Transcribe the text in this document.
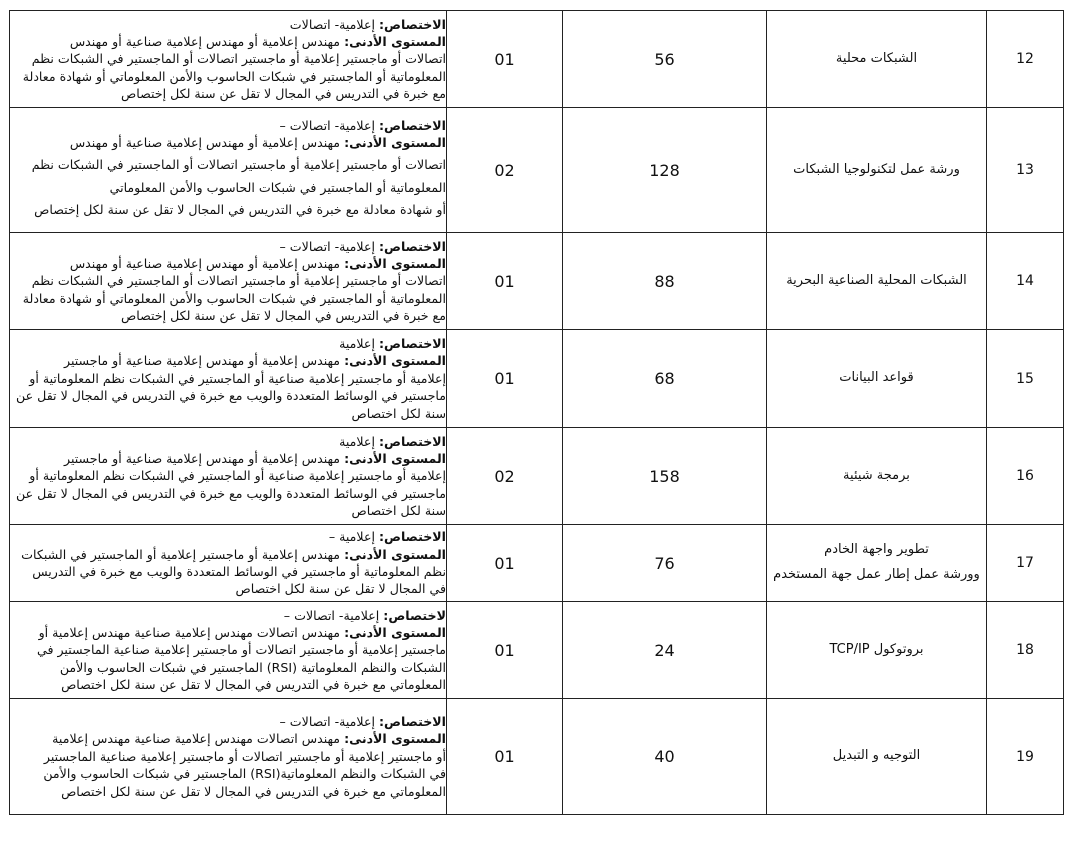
12	الشبكات محلية	56	01	الاختصاص: إعلامية- اتصالات
المستوى الأدنى: مهندس إعلامية أو مهندس إعلامية صناعية أو مهندس
اتصالات أو ماجستير إعلامية أو ماجستير اتصالات أو الماجستير في الشبكات نظم
المعلوماتية أو الماجستير في شبكات الحاسوب والأمن المعلوماتي أو شهادة معادلة
مع خبرة في التدريس في المجال لا تقل عن سنة لكل إختصاص

13	ورشة عمل لتكنولوجيا الشبكات	128	02	الاختصاص: إعلامية- اتصالات –
المستوى الأدنى: مهندس إعلامية أو مهندس إعلامية صناعية أو مهندس
اتصالات أو ماجستير إعلامية أو ماجستير اتصالات أو الماجستير في الشبكات نظم
المعلوماتية أو الماجستير في شبكات الحاسوب والأمن المعلوماتي
أو شهادة معادلة مع خبرة في التدريس في المجال لا تقل عن سنة لكل إختصاص

14	الشبكات المحلية الصناعية البحرية	88	01	الاختصاص: إعلامية- اتصالات –
المستوى الأدنى: مهندس إعلامية أو مهندس إعلامية صناعية أو مهندس
اتصالات أو ماجستير إعلامية أو ماجستير اتصالات أو الماجستير في الشبكات نظم
المعلوماتية أو الماجستير في شبكات الحاسوب والأمن المعلوماتي أو شهادة معادلة
مع خبرة في التدريس في المجال لا تقل عن سنة لكل إختصاص

15	قواعد البيانات	68	01	الاختصاص: إعلامية
المستوى الأدنى: مهندس إعلامية أو مهندس إعلامية صناعية أو ماجستير
إعلامية أو ماجستير إعلامية صناعية أو الماجستير في الشبكات نظم المعلوماتية أو
ماجستير في الوسائط المتعددة والويب مع خبرة في التدريس في المجال لا تقل عن
سنة لكل اختصاص

16	برمجة شيئية	158	02	الاختصاص: إعلامية
المستوى الأدنى: مهندس إعلامية أو مهندس إعلامية صناعية أو ماجستير
إعلامية أو ماجستير إعلامية صناعية أو الماجستير في الشبكات نظم المعلوماتية أو
ماجستير في الوسائط المتعددة والويب مع خبرة في التدريس في المجال لا تقل عن
سنة لكل اختصاص

17	تطوير واجهة الخادم
وورشة عمل إطار عمل جهة المستخدم	76	01	الاختصاص: إعلامية –
المستوى الأدنى: مهندس إعلامية أو ماجستير إعلامية أو الماجستير في الشبكات
نظم المعلوماتية أو ماجستير في الوسائط المتعددة والويب مع خبرة في التدريس
في المجال لا تقل عن سنة لكل اختصاص

18	بروتوكول TCP/IP	24	01	لاختصاص: إعلامية- اتصالات –
المستوى الأدنى: مهندس اتصالات مهندس إعلامية صناعية مهندس إعلامية أو
ماجستير إعلامية أو ماجستير اتصالات أو ماجستير إعلامية صناعية الماجستير في
الشبكات والنظم المعلوماتية (RSI) الماجستير في شبكات الحاسوب والأمن
المعلوماتي مع خبرة في التدريس في المجال لا تقل عن سنة لكل اختصاص

19	التوجيه و التبديل	40	01	الاختصاص: إعلامية- اتصالات –
المستوى الأدنى: مهندس اتصالات مهندس إعلامية صناعية مهندس إعلامية
أو ماجستير إعلامية أو ماجستير اتصالات أو ماجستير إعلامية صناعية الماجستير
في الشبكات والنظم المعلوماتية(RSI) الماجستير في شبكات الحاسوب والأمن
المعلوماتي مع خبرة في التدريس في المجال لا تقل عن سنة لكل اختصاص
